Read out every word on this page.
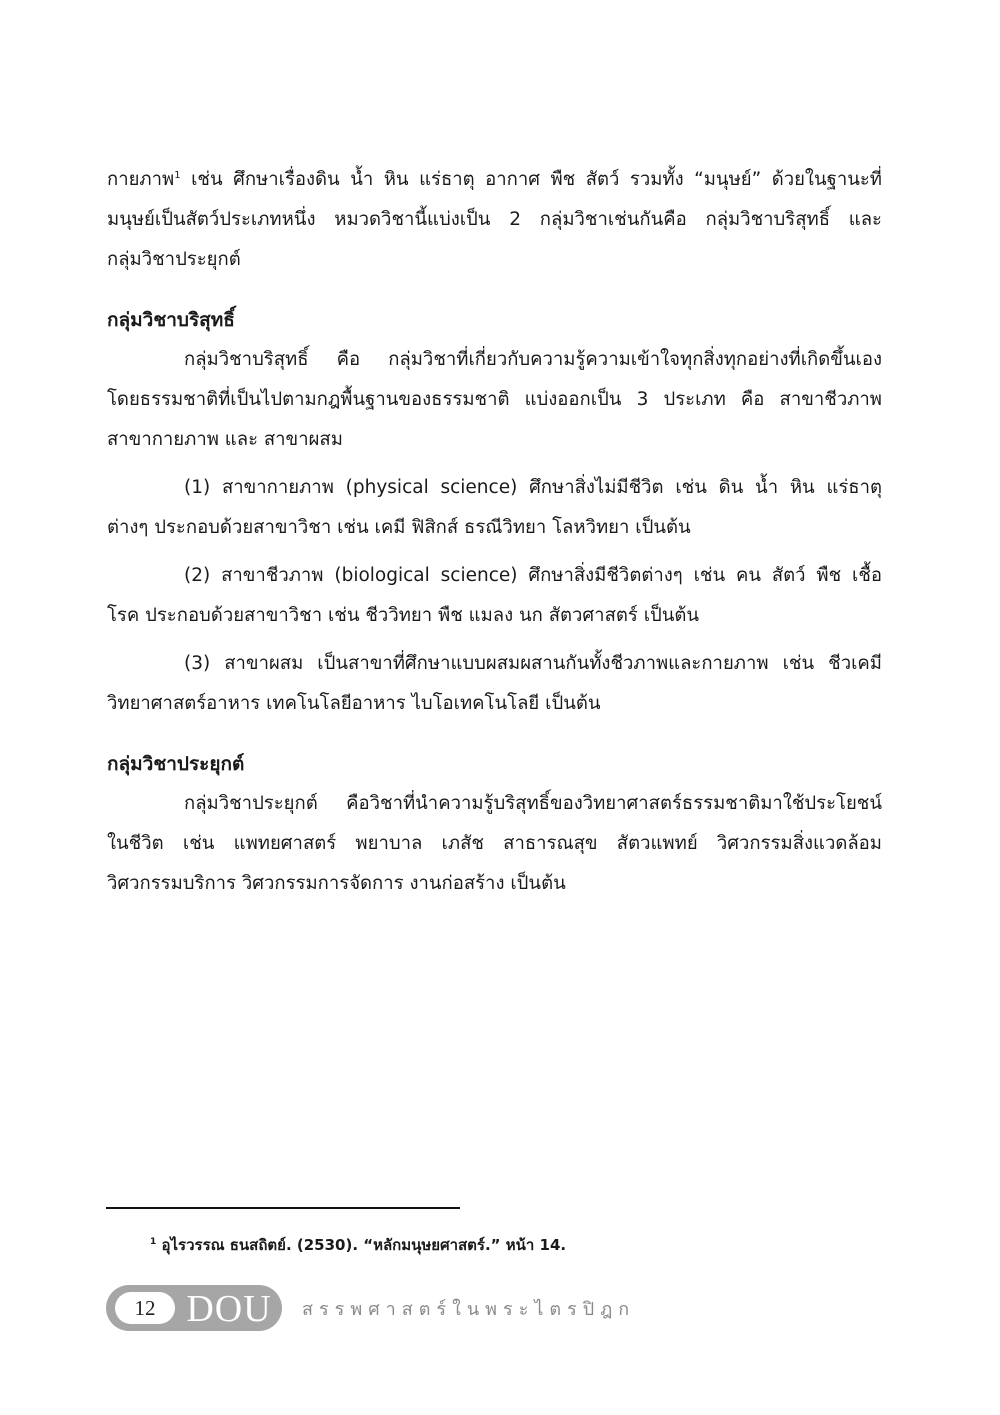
กายภาพ$^1$ เช่น ศึกษาเรื่องดิน น้ำ หิน แร่ธาตุ อากาศ พืช สัตว์ รวมทั้ง “มนุษย์” ด้วยในฐานะที่
มนุษย์เป็นสัตว์ประเภทหนึ่ง หมวดวิชานี้แบ่งเป็น 2 กลุ่มวิชาเช่นกันคือ กลุ่มวิชาบริสุทธิ์ และ
กลุ่มวิชาประยุกต์
กลุ่มวิชาบริสุทธิ์
กลุ่มวิชาบริสุทธิ์ คือ กลุ่มวิชาที่เกี่ยวกับความรู้ความเข้าใจทุกสิ่งทุกอย่างที่เกิดขึ้นเอง
โดยธรรมชาติที่เป็นไปตามกฎพื้นฐานของธรรมชาติ แบ่งออกเป็น 3 ประเภท คือ สาขาชีวภาพ
สาขากายภาพ และ สาขาผสม
(1) สาขากายภาพ (physical science) ศึกษาสิ่งไม่มีชีวิต เช่น ดิน น้ำ หิน แร่ธาตุ
ต่างๆ ประกอบด้วยสาขาวิชา เช่น เคมี ฟิสิกส์ ธรณีวิทยา โลหวิทยา เป็นต้น
(2) สาขาชีวภาพ (biological science) ศึกษาสิ่งมีชีวิตต่างๆ เช่น คน สัตว์ พืช เชื้อ
โรค ประกอบด้วยสาขาวิชา เช่น ชีววิทยา พืช แมลง นก สัตวศาสตร์ เป็นต้น
(3) สาขาผสม เป็นสาขาที่ศึกษาแบบผสมผสานกันทั้งชีวภาพและกายภาพ เช่น ชีวเคมี
วิทยาศาสตร์อาหาร เทคโนโลยีอาหาร ไบโอเทคโนโลยี เป็นต้น
กลุ่มวิชาประยุกต์
กลุ่มวิชาประยุกต์ คือวิชาที่นำความรู้บริสุทธิ์ของวิทยาศาสตร์ธรรมชาติมาใช้ประโยชน์
ในชีวิต เช่น แพทยศาสตร์ พยาบาล เภสัช สาธารณสุข สัตวแพทย์ วิศวกรรมสิ่งแวดล้อม
วิศวกรรมบริการ วิศวกรรมการจัดการ งานก่อสร้าง เป็นต้น
$^1$ อุไรวรรณ ธนสถิตย์. (2530). “หลักมนุษยศาสตร์.” หน้า 14.
12 DOU	สรรพศาสตร์ในพระไตรปิฎก
